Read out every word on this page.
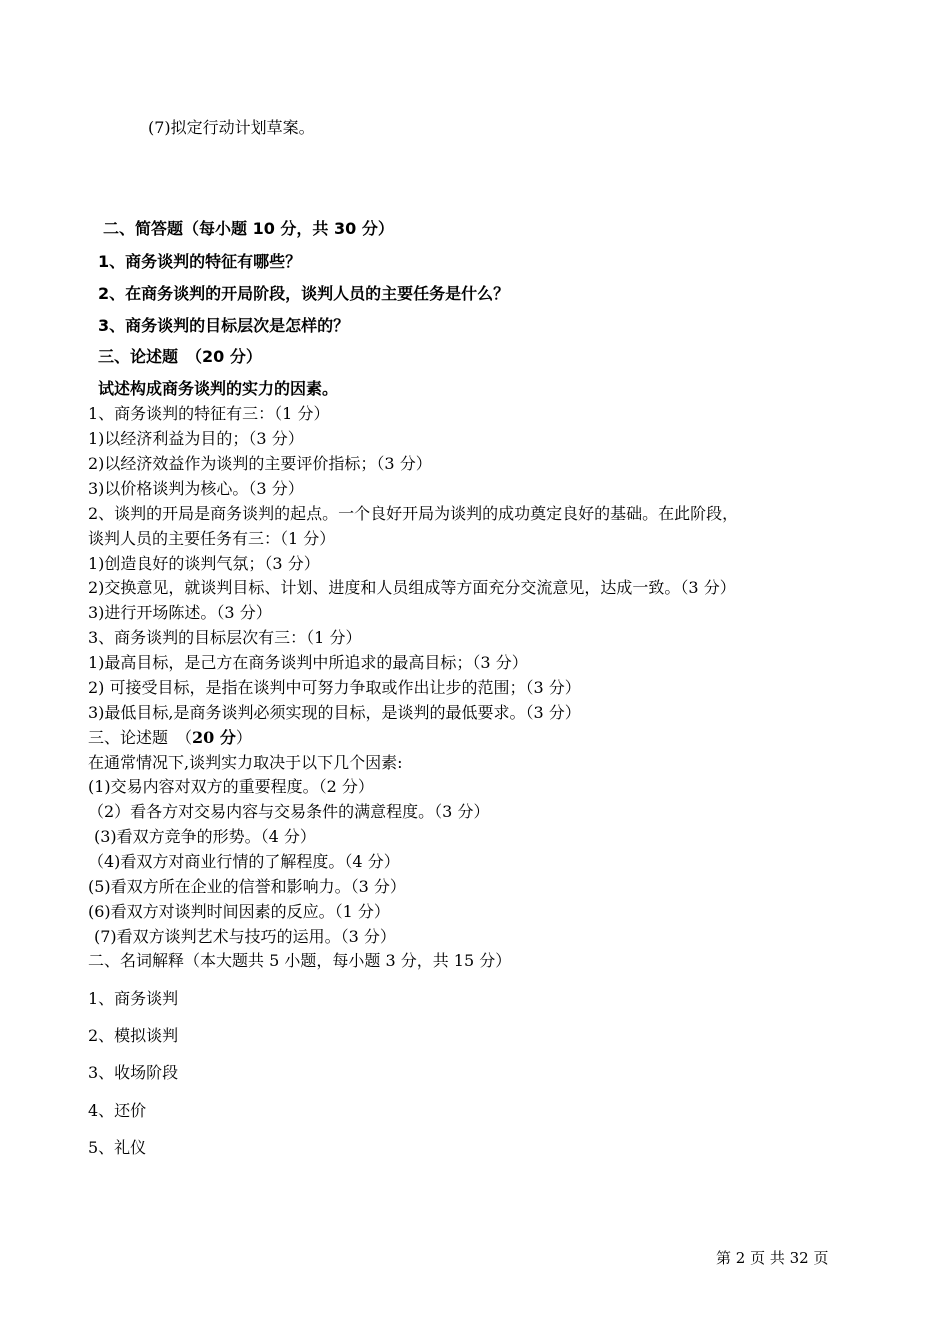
(7)拟定行动计划草案。
二、简答题（每小题 10 分，共 30 分）
1、商务谈判的特征有哪些？
2、在商务谈判的开局阶段，谈判人员的主要任务是什么？
3、商务谈判的目标层次是怎样的？
三、论述题　（20 分）
试述构成商务谈判的实力的因素。
1、商务谈判的特征有三：（1 分）
1)以经济利益为目的；（3 分）
2)以经济效益作为谈判的主要评价指标；（3 分）
3)以价格谈判为核心。（3 分）
2、谈判的开局是商务谈判的起点。一个良好开局为谈判的成功奠定良好的基础。在此阶段，
谈判人员的主要任务有三：（1 分）
1)创造良好的谈判气氛；（3 分）
2)交换意见，就谈判目标、计划、进度和人员组成等方面充分交流意见，达成一致。（3 分）
3)进行开场陈述。（3 分）
3、商务谈判的目标层次有三：（1 分）
1)最高目标，是己方在商务谈判中所追求的最高目标；（3 分）
2) 可接受目标，是指在谈判中可努力争取或作出让步的范围；（3 分）
3)最低目标,是商务谈判必须实现的目标，是谈判的最低要求。（3 分）
三、论述题　（20 分）
在通常情况下,谈判实力取决于以下几个因素:
(1)交易内容对双方的重要程度。（2 分）
（2）看各方对交易内容与交易条件的满意程度。（3 分）
(3)看双方竞争的形势。（4 分）
（4)看双方对商业行情的了解程度。（4 分）
(5)看双方所在企业的信誉和影响力。（3 分）
(6)看双方对谈判时间因素的反应。（1 分）
(7)看双方谈判艺术与技巧的运用。（3 分）
二、名词解释（本大题共 5 小题，每小题 3 分，共 15 分）
1、商务谈判
2、模拟谈判
3、收场阶段
4、还价
5、礼仪
第 2 页 共 32 页
